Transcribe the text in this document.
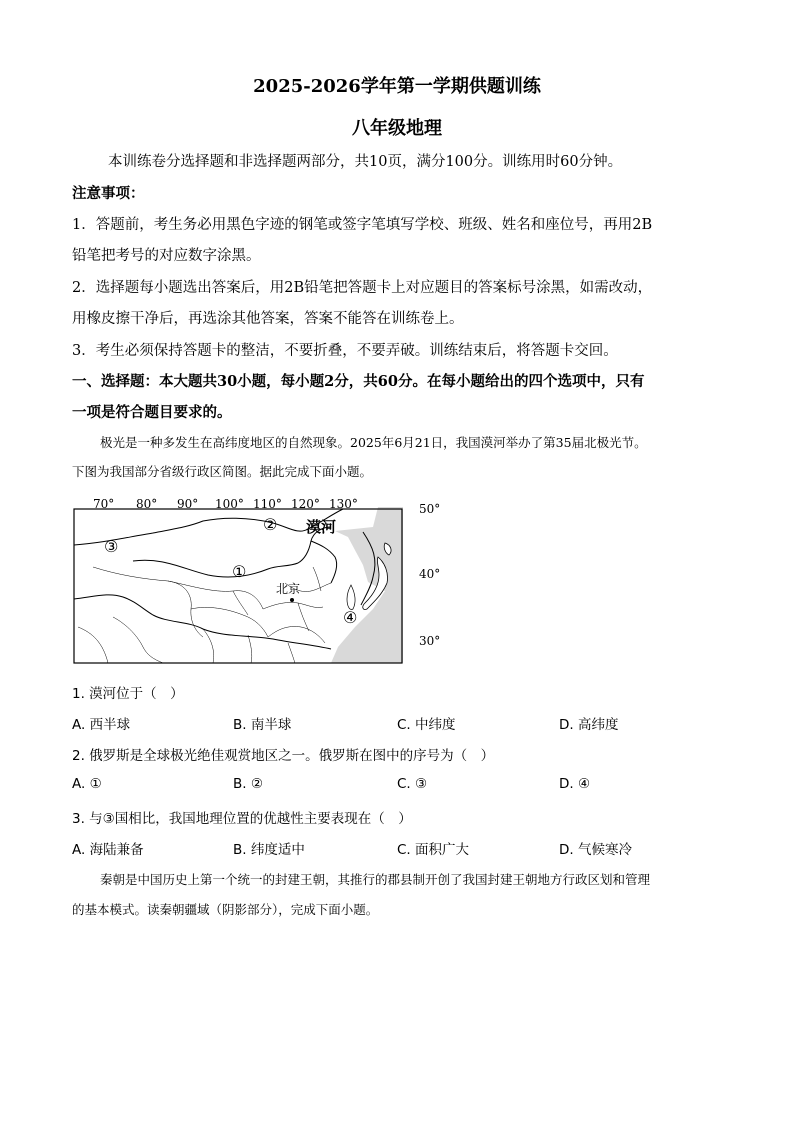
2025-2026学年第一学期供题训练
八年级地理
本训练卷分选择题和非选择题两部分，共10页，满分100分。训练用时60分钟。
注意事项：
1．答题前，考生务必用黑色字迹的钢笔或签字笔填写学校、班级、姓名和座位号，再用2B
铅笔把考号的对应数字涂黑。
2．选择题每小题选出答案后，用2B铅笔把答题卡上对应题目的答案标号涂黑，如需改动，
用橡皮擦干净后，再选涂其他答案，答案不能答在训练卷上。
3．考生必须保持答题卡的整洁，不要折叠，不要弄破。训练结束后，将答题卡交回。
一、选择题：本大题共30小题，每小题2分，共60分。在每小题给出的四个选项中，只有
一项是符合题目要求的。
极光是一种多发生在高纬度地区的自然现象。2025年6月21日，我国漠河举办了第35届北极光节。
下图为我国部分省级行政区简图。据此完成下面小题。
70° 80° 90° 100° 110° 120° 130°	50°
40°
30°
①
②
③
④
漠河
北京
1. 漠河位于（　）
A. 西半球	B. 南半球	C. 中纬度	D. 高纬度
2. 俄罗斯是全球极光绝佳观赏地区之一。俄罗斯在图中的序号为（　）
A. ①	B. ②	C. ③	D. ④
3. 与③国相比，我国地理位置的优越性主要表现在（　）
A. 海陆兼备	B. 纬度适中	C. 面积广大	D. 气候寒冷
秦朝是中国历史上第一个统一的封建王朝，其推行的郡县制开创了我国封建王朝地方行政区划和管理
的基本模式。读秦朝疆域（阴影部分），完成下面小题。
